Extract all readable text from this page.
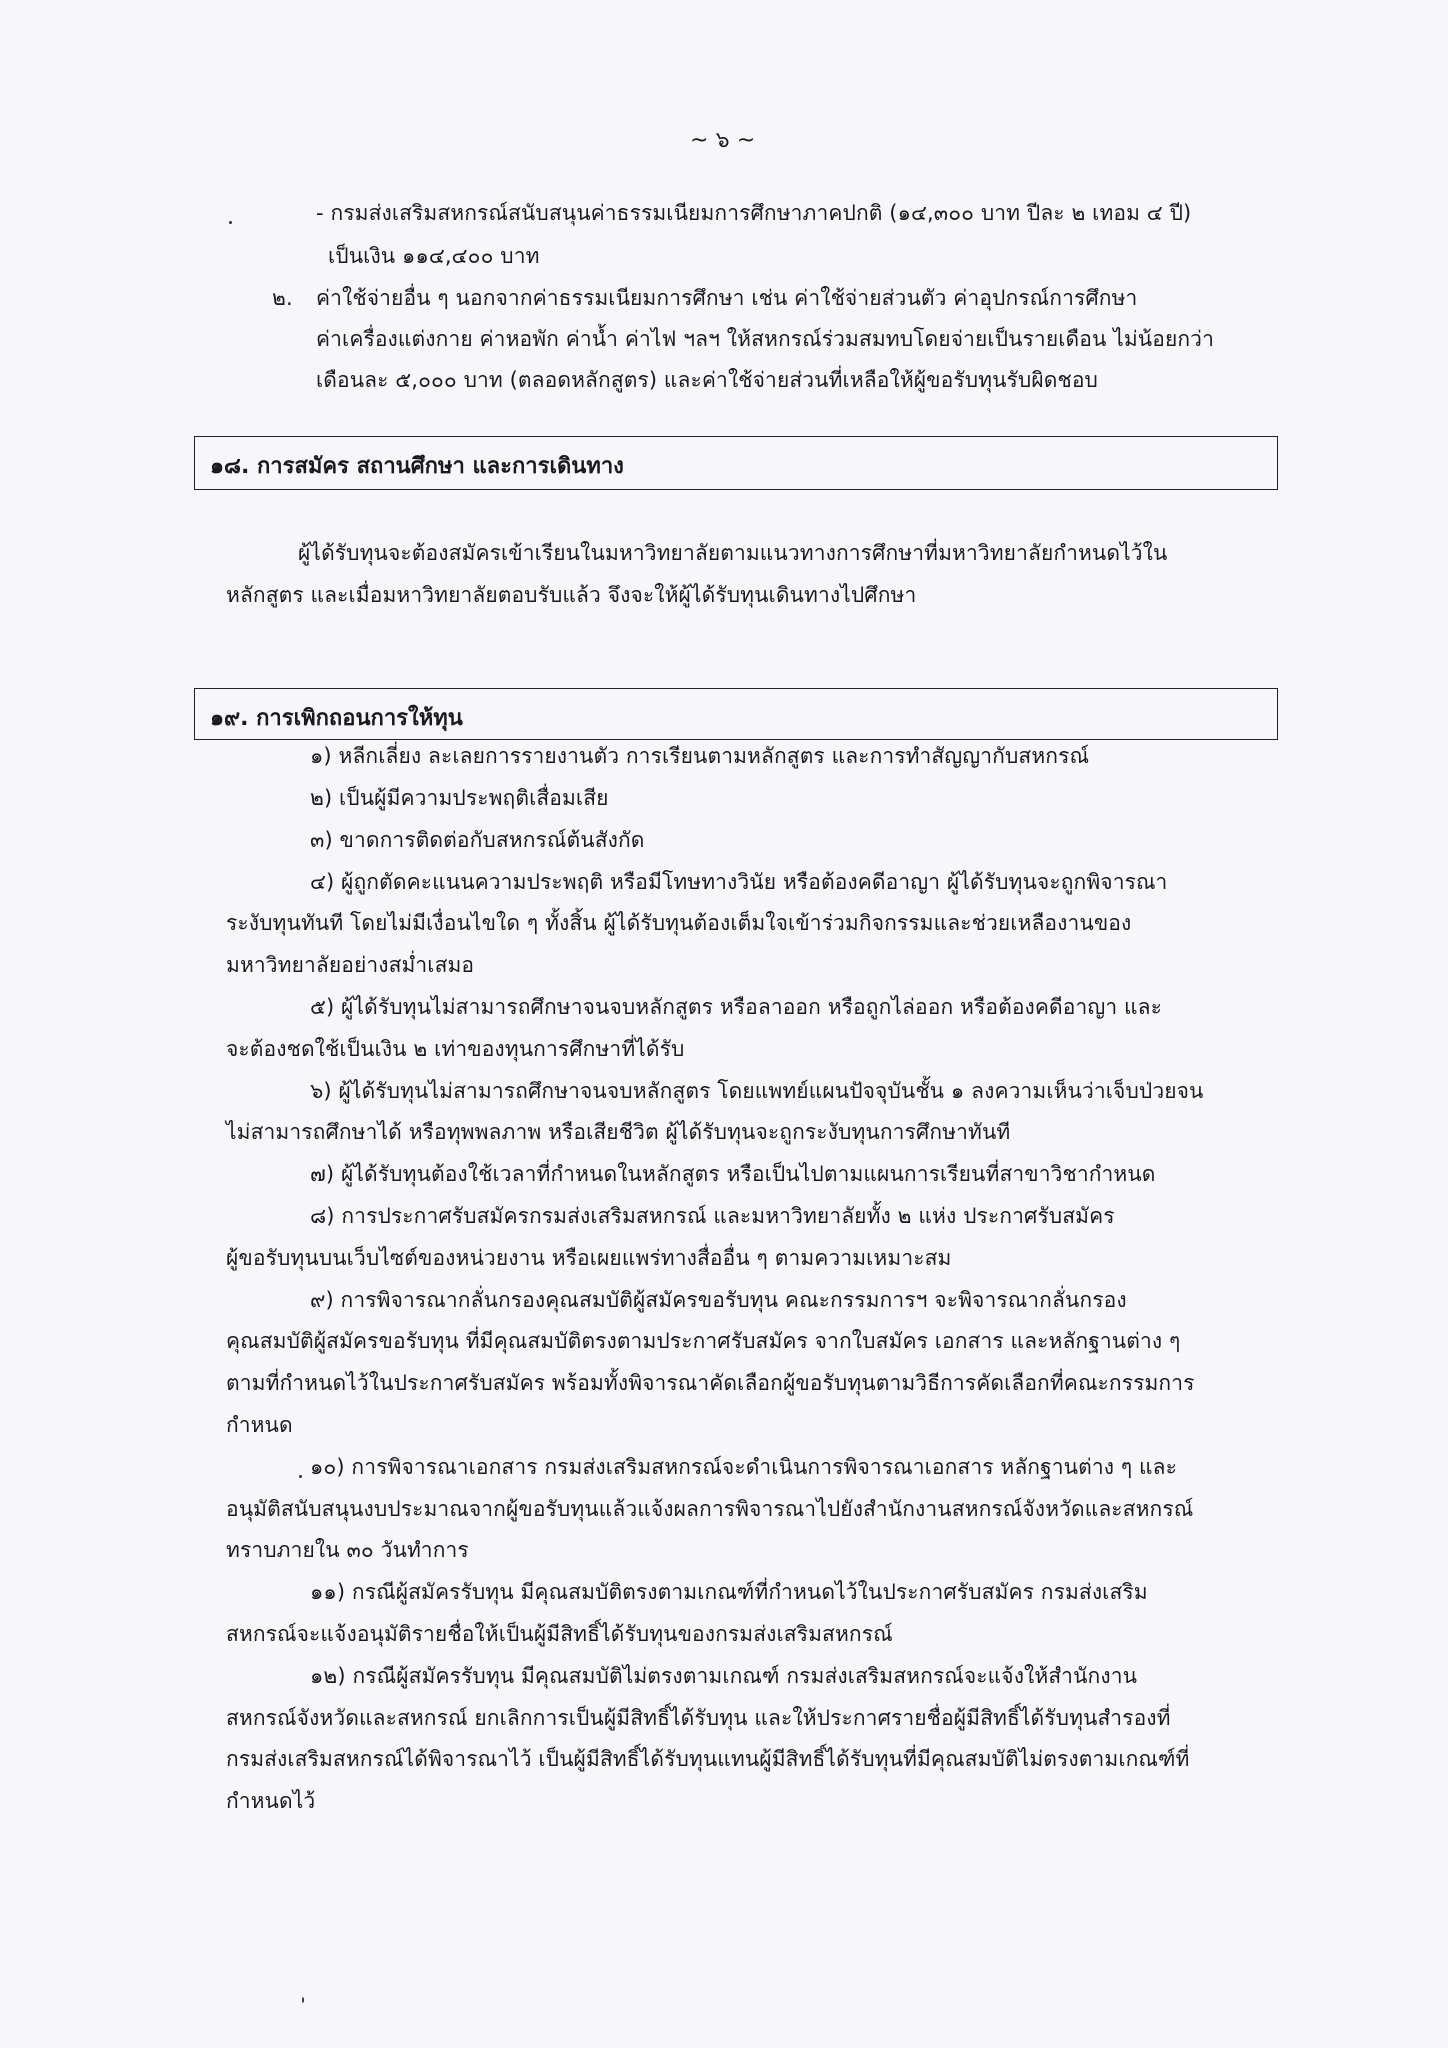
~ ๖ ~
- กรมส่งเสริมสหกรณ์สนับสนุนค่าธรรมเนียมการศึกษาภาคปกติ (๑๔,๓๐๐ บาท ปีละ ๒ เทอม ๔ ปี)
เป็นเงิน ๑๑๔,๔๐๐ บาท
๒. ค่าใช้จ่ายอื่น ๆ นอกจากค่าธรรมเนียมการศึกษา เช่น ค่าใช้จ่ายส่วนตัว ค่าอุปกรณ์การศึกษา
ค่าเครื่องแต่งกาย ค่าหอพัก ค่าน้ำ ค่าไฟ ฯลฯ ให้สหกรณ์ร่วมสมทบโดยจ่ายเป็นรายเดือน ไม่น้อยกว่า
เดือนละ ๕,๐๐๐ บาท (ตลอดหลักสูตร) และค่าใช้จ่ายส่วนที่เหลือให้ผู้ขอรับทุนรับผิดชอบ
๑๘. การสมัคร สถานศึกษา และการเดินทาง
ผู้ได้รับทุนจะต้องสมัครเข้าเรียนในมหาวิทยาลัยตามแนวทางการศึกษาที่มหาวิทยาลัยกำหนดไว้ใน
หลักสูตร และเมื่อมหาวิทยาลัยตอบรับแล้ว จึงจะให้ผู้ได้รับทุนเดินทางไปศึกษา
๑๙. การเพิกถอนการให้ทุน
๑) หลีกเลี่ยง ละเลยการรายงานตัว การเรียนตามหลักสูตร และการทำสัญญากับสหกรณ์
๒) เป็นผู้มีความประพฤติเสื่อมเสีย
๓) ขาดการติดต่อกับสหกรณ์ต้นสังกัด
๔) ผู้ถูกตัดคะแนนความประพฤติ หรือมีโทษทางวินัย หรือต้องคดีอาญา ผู้ได้รับทุนจะถูกพิจารณา
ระงับทุนทันที โดยไม่มีเงื่อนไขใด ๆ ทั้งสิ้น ผู้ได้รับทุนต้องเต็มใจเข้าร่วมกิจกรรมและช่วยเหลืองานของ
มหาวิทยาลัยอย่างสม่ำเสมอ
๕) ผู้ได้รับทุนไม่สามารถศึกษาจนจบหลักสูตร หรือลาออก หรือถูกไล่ออก หรือต้องคดีอาญา และ
จะต้องชดใช้เป็นเงิน ๒ เท่าของทุนการศึกษาที่ได้รับ
๖) ผู้ได้รับทุนไม่สามารถศึกษาจนจบหลักสูตร โดยแพทย์แผนปัจจุบันชั้น ๑ ลงความเห็นว่าเจ็บป่วยจน
ไม่สามารถศึกษาได้ หรือทุพพลภาพ หรือเสียชีวิต ผู้ได้รับทุนจะถูกระงับทุนการศึกษาทันที
๗) ผู้ได้รับทุนต้องใช้เวลาที่กำหนดในหลักสูตร หรือเป็นไปตามแผนการเรียนที่สาขาวิชากำหนด
๘) การประกาศรับสมัครกรมส่งเสริมสหกรณ์ และมหาวิทยาลัยทั้ง ๒ แห่ง ประกาศรับสมัคร
ผู้ขอรับทุนบนเว็บไซต์ของหน่วยงาน หรือเผยแพร่ทางสื่ออื่น ๆ ตามความเหมาะสม
๙) การพิจารณากลั่นกรองคุณสมบัติผู้สมัครขอรับทุน คณะกรรมการฯ จะพิจารณากลั่นกรอง
คุณสมบัติผู้สมัครขอรับทุน ที่มีคุณสมบัติตรงตามประกาศรับสมัคร จากใบสมัคร เอกสาร และหลักฐานต่าง ๆ
ตามที่กำหนดไว้ในประกาศรับสมัคร พร้อมทั้งพิจารณาคัดเลือกผู้ขอรับทุนตามวิธีการคัดเลือกที่คณะกรรมการ
กำหนด
๑๐) การพิจารณาเอกสาร กรมส่งเสริมสหกรณ์จะดำเนินการพิจารณาเอกสาร หลักฐานต่าง ๆ และ
อนุมัติสนับสนุนงบประมาณจากผู้ขอรับทุนแล้วแจ้งผลการพิจารณาไปยังสำนักงานสหกรณ์จังหวัดและสหกรณ์
ทราบภายใน ๓๐ วันทำการ
๑๑) กรณีผู้สมัครรับทุน มีคุณสมบัติตรงตามเกณฑ์ที่กำหนดไว้ในประกาศรับสมัคร กรมส่งเสริม
สหกรณ์จะแจ้งอนุมัติรายชื่อให้เป็นผู้มีสิทธิ์ได้รับทุนของกรมส่งเสริมสหกรณ์
๑๒) กรณีผู้สมัครรับทุน มีคุณสมบัติไม่ตรงตามเกณฑ์ กรมส่งเสริมสหกรณ์จะแจ้งให้สำนักงาน
สหกรณ์จังหวัดและสหกรณ์ ยกเลิกการเป็นผู้มีสิทธิ์ได้รับทุน และให้ประกาศรายชื่อผู้มีสิทธิ์ได้รับทุนสำรองที่
กรมส่งเสริมสหกรณ์ได้พิจารณาไว้ เป็นผู้มีสิทธิ์ได้รับทุนแทนผู้มีสิทธิ์ได้รับทุนที่มีคุณสมบัติไม่ตรงตามเกณฑ์ที่
กำหนดไว้
